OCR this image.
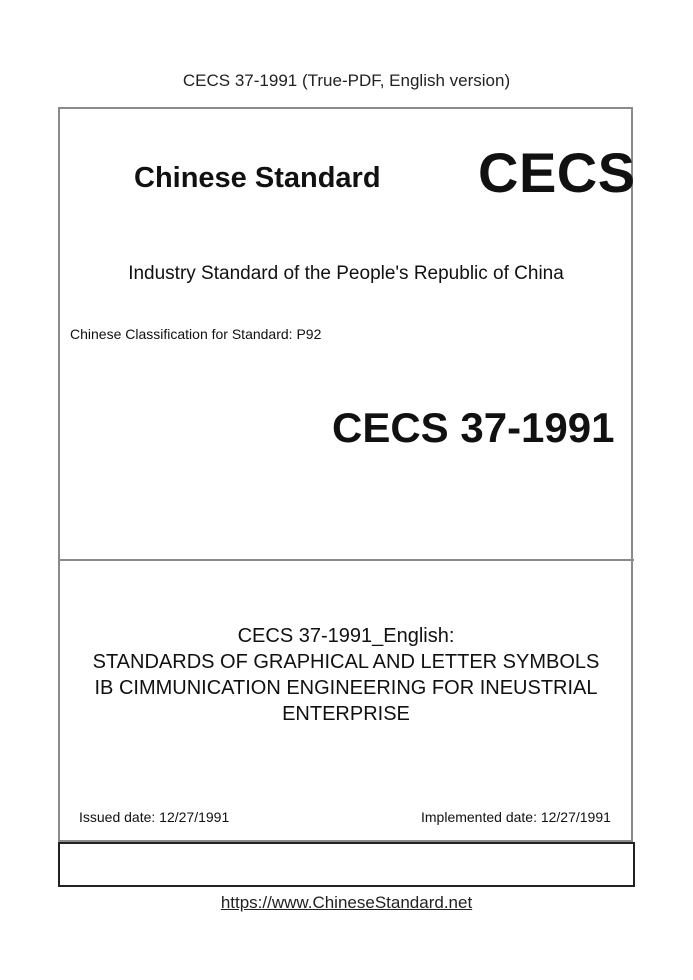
CECS 37-1991 (True-PDF, English version)
Chinese Standard CECS
Industry Standard of the People's Republic of China
Chinese Classification for Standard: P92
CECS 37-1991
CECS 37-1991_English:
STANDARDS OF GRAPHICAL AND LETTER SYMBOLS
IB CIMMUNICATION ENGINEERING FOR INEUSTRIAL
ENTERPRISE
Issued date: 12/27/1991	Implemented date: 12/27/1991
https://www.ChineseStandard.net
